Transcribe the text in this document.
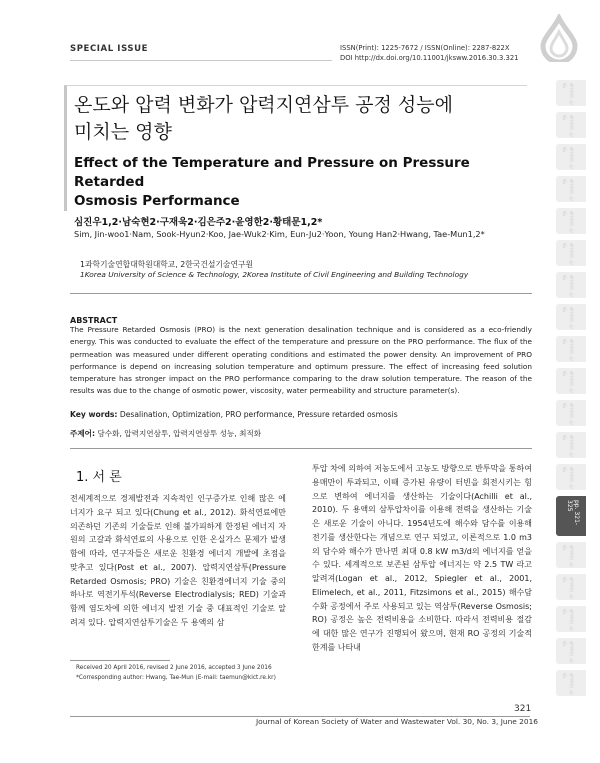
SPECIAL ISSUE	ISSN(Print): 1225-7672 / ISSN(Online): 2287-822X
DOI http://dx.doi.org/10.11001/jksww.2016.30.3.321
온도와 압력 변화가 압력지연삼투 공정 성능에
미치는 영향
Effect of the Temperature and Pressure on Pressure Retarded
Osmosis Performance
심진우1,2·남숙현2·구재욱2·김은주2·윤영한2·황태문1,2*
Sim, Jin-woo1·Nam, Sook-Hyun2·Koo, Jae-Wuk2·Kim, Eun-Ju2·Yoon, Young Han2·Hwang, Tae-Mun1,2*
1과학기술연합대학원대학교, 2한국건설기술연구원
1Korea University of Science & Technology, 2Korea Institute of Civil Engineering and Building Technology
ABSTRACT
The Pressure Retarded Osmosis (PRO) is the next generation desalination technique and is considered as a eco-friendly energy. This was conducted to evaluate the effect of the temperature and pressure on the PRO performance. The flux of the permeation was measured under different operating conditions and estimated the power density. An improvement of PRO performance is depend on increasing solution temperature and optimum pressure. The effect of increasing feed solution temperature has stronger impact on the PRO performance comparing to the draw solution temperature. The reason of the results was due to the change of osmotic power, viscosity, water permeability and structure parameter(s).
Key words: Desalination, Optimization, PRO performance, Pressure retarded osmosis
주제어: 담수화, 압력지연삼투, 압력지연삼투 성능, 최적화
1. 서 론
전세계적으로 경제발전과 지속적인 인구증가로 인해 많은 에너지가 요구 되고 있다(Chung et al., 2012). 화석연료에만 의존하던 기존의 기술들로 인해 불가피하게 한정된 에너지 자원의 고갈과 화석연료의 사용으로 인한 온실가스 문제가 발생함에 따라, 연구자들은 새로운 친환경 에너지 개발에 초점을 맞추고 있다(Post et al., 2007). 압력지연삼투(Pressure Retarded Osmosis; PRO) 기술은 친환경에너지 기술 중의 하나로 역전기투석(Reverse Electrodialysis; RED) 기술과 함께 염도차에 의한 에너지 발전 기술 중 대표적인 기술로 알려져 있다. 압력지연삼투기술은 두 용액의 삼
투압 차에 의하여 저농도에서 고농도 방향으로 반투막을 통하여 용매만이 투과되고, 이때 증가된 유량이 터빈을 회전시키는 힘으로 변하여 에너지를 생산하는 기술이다(Achilli et al., 2010). 두 용액의 삼투압차이를 이용해 전력을 생산하는 기술은 새로운 기술이 아니다. 1954년도에 해수와 담수를 이용해 전기를 생산한다는 개념으로 연구 되었고, 이론적으로 1.0 m3의 담수와 해수가 만나면 최대 0.8 kW m3/d의 에너지를 얻을 수 있다. 세계적으로 보존된 삼투압 에너지는 약 2.5 TW 라고 알려져(Logan et al., 2012, Spiegler et al., 2001, Elimelech, et al., 2011, Fitzsimons et al., 2015) 해수담수화 공정에서 주로 사용되고 있는 역삼투(Reverse Osmosis; RO) 공정은 높은 전력비용을 소비한다. 따라서 전력비용 절감에 대한 많은 연구가 진행되어 왔으며, 현재 RO 공정의 기술적 한계를 나타내
Received 20 April 2016, revised 2 June 2016, accepted 3 June 2016
*Corresponding author: Hwang, Tae-Mun (E-mail: taemun@kict.re.kr)
321
Journal of Korean Society of Water and Wastewater Vol. 30, No. 3, June 2016
특집호 논문
특집호 논문
특집호 논문
특집호 논문
특집호 논문
특집호 논문
특집호 논문
특집호 논문
특집호 논문
특집호 논문
특집호 논문
특집호 논문
특집호 논문
pp. 321-325
특집호 논문
특집호 논문
특집호 논문
특집호 논문
특집호 논문
